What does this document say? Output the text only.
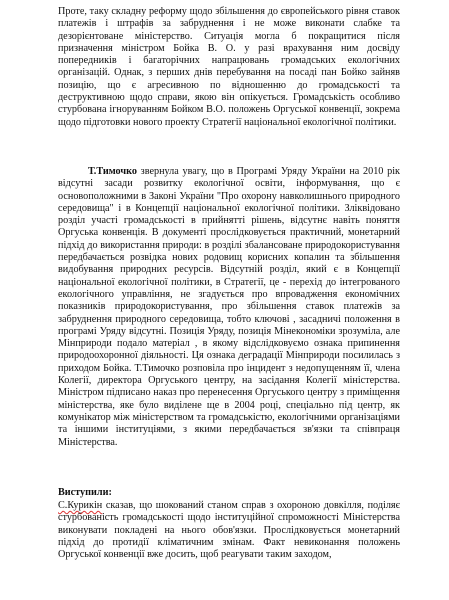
Проте, таку складну реформу щодо збільшення до європейського рівня ставок платежів і штрафів за забруднення і не може виконати слабке та дезорієнтоване міністерство. Ситуація могла б покращитися після призначення міністром Бойка В. О. у разі врахування ним досвіду попередників і багаторічних напрацювань громадських екологічних організацій. Однак, з перших днів перебування на посаді пан Бойко зайняв позицію, що є агресивною по відношенню до громадськості та деструктивною щодо справи, якою він опікується. Громадськість особливо стурбована ігноруванням Бойком В.О. положень Оргуської конвенції, зокрема щодо підготовки нового проекту Стратегії національної екологічної політики.

Т.Тимочко звернула увагу, що в Програмі Уряду України на 2010 рік відсутні засади розвитку екологічної освіти, інформування, що є основоположними в Законі України "Про охорону навколишнього природного середовища" і в Концепції національної екологічної політики. Зліквідовано розділ участі громадськості в прийнятті рішень, відсутнє навіть поняття Оргуська конвенція. В документі прослідковується практичний, монетарний підхід до використання природи: в розділі збалансоване природокористування передбачається розвідка нових родовищ корисних копалин та збільшення видобування природних ресурсів. Відсутній розділ, який є в Концепції національної екологічної політики, в Стратегії, це - перехід до інтегрованого екологічного управління, не згадується про впровадження економічних показників природокористування, про збільшення ставок платежів за забруднення природного середовища, тобто ключові , засадничі положення в програмі Уряду відсутні. Позиція Уряду, позиція Мінекономіки зрозуміла, але Мінприроди подало матеріал , в якому відслідковуємо ознака припинення природоохоронної діяльності. Ця ознака деградації Мінприроди посилилась з приходом Бойка. Т.Тимочко розповіла про інцидент з недопущенням її, члена Колегії, директора Оргуського центру, на засідання Колегії міністерства. Міністром підписано наказ про перенесення Оргуського центру з приміщення міністерства, яке було виділене ще в 2004 році, спеціально під центр, як комунікатор між міністерством та громадськістю, екологічними організаціями та іншими інституціями, з якими передбачається зв'язки та співпраця Міністерства.

Виступили:

С.Курикін сказав, що шокований станом справ з охороною довкілля, поділяє стурбованість громадськості щодо інституційної спроможності Міністерства виконувати покладені на нього обов'язки. Прослідковується монетарний підхід до протидії кліматичним змінам. Факт невиконання положень Оргуської конвенції вже досить, щоб реагувати таким заходом,
